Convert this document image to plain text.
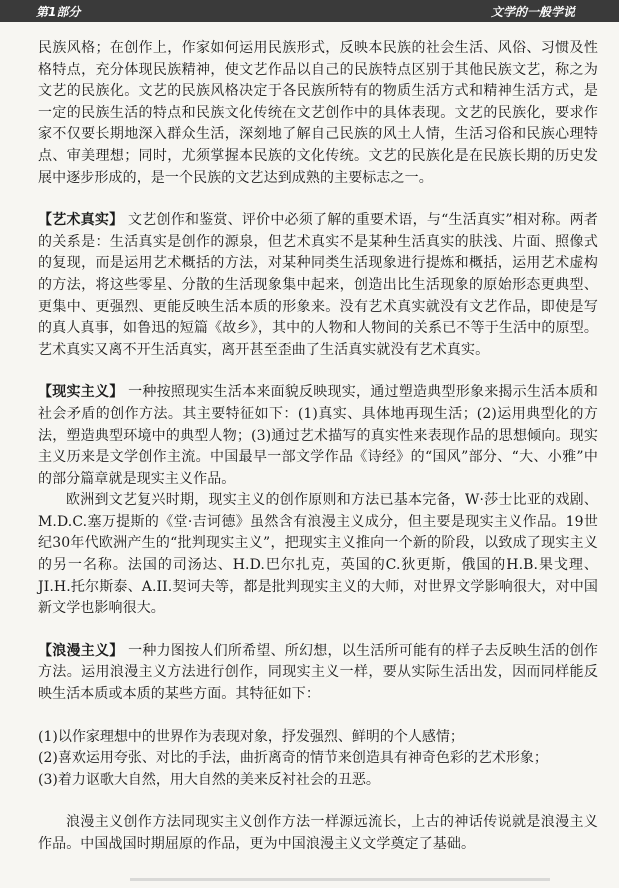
第1部分	文学的一般学说

民族风格；在创作上，作家如何运用民族形式，反映本民族的社会生活、风俗、习惯及性格特点，充分体现民族精神，使文艺作品以自己的民族特点区别于其他民族文艺，称之为文艺的民族化。文艺的民族风格决定于各民族所特有的物质生活方式和精神生活方式，是一定的民族生活的特点和民族文化传统在文艺创作中的具体表现。文艺的民族化，要求作家不仅要长期地深入群众生活，深刻地了解自己民族的风土人情，生活习俗和民族心理特点、审美理想；同时，尤须掌握本民族的文化传统。文艺的民族化是在民族长期的历史发展中逐步形成的，是一个民族的文艺达到成熟的主要标志之一。

【艺术真实】 文艺创作和鉴赏、评价中必须了解的重要术语，与“生活真实”相对称。两者的关系是：生活真实是创作的源泉，但艺术真实不是某种生活真实的肤浅、片面、照像式的复现，而是运用艺术概括的方法，对某种同类生活现象进行提炼和概括，运用艺术虚构的方法，将这些零星、分散的生活现象集中起来，创造出比生活现象的原始形态更典型、更集中、更强烈、更能反映生活本质的形象来。没有艺术真实就没有文艺作品，即使是写的真人真事，如鲁迅的短篇《故乡》，其中的人物和人物间的关系已不等于生活中的原型。艺术真实又离不开生活真实，离开甚至歪曲了生活真实就没有艺术真实。

【现实主义】 一种按照现实生活本来面貌反映现实，通过塑造典型形象来揭示生活本质和社会矛盾的创作方法。其主要特征如下：(1)真实、具体地再现生活；(2)运用典型化的方法，塑造典型环境中的典型人物；(3)通过艺术描写的真实性来表现作品的思想倾向。现实主义历来是文学创作主流。中国最早一部文学作品《诗经》的“国风”部分、“大、小雅”中的部分篇章就是现实主义作品。

欧洲到文艺复兴时期，现实主义的创作原则和方法已基本完备，W·莎士比亚的戏剧、M.D.C.塞万提斯的《堂·吉诃德》虽然含有浪漫主义成分，但主要是现实主义作品。19世纪30年代欧洲产生的“批判现实主义”，把现实主义推向一个新的阶段，以致成了现实主义的另一名称。法国的司汤达、H.D.巴尔扎克，英国的C.狄更斯，俄国的H.B.果戈理、JI.H.托尔斯泰、A.II.契诃夫等，都是批判现实主义的大师，对世界文学影响很大，对中国新文学也影响很大。

【浪漫主义】 一种力图按人们所希望、所幻想，以生活所可能有的样子去反映生活的创作方法。运用浪漫主义方法进行创作，同现实主义一样，要从实际生活出发，因而同样能反映生活本质或本质的某些方面。其特征如下：

(1)以作家理想中的世界作为表现对象，抒发强烈、鲜明的个人感情；
(2)喜欢运用夸张、对比的手法，曲折离奇的情节来创造具有神奇色彩的艺术形象；
(3)着力讴歌大自然，用大自然的美来反衬社会的丑恶。

浪漫主义创作方法同现实主义创作方法一样源远流长，上古的神话传说就是浪漫主义作品。中国战国时期屈原的作品，更为中国浪漫主义文学奠定了基础。
